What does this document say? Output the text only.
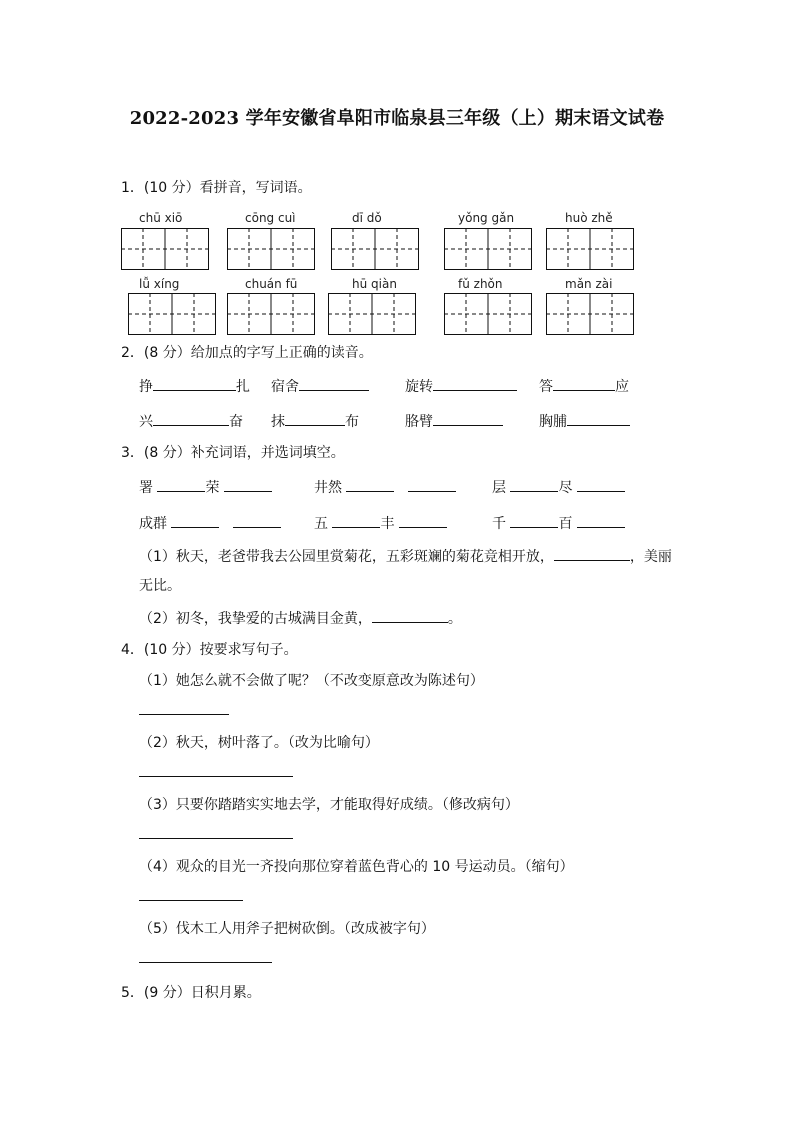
2022-2023 学年安徽省阜阳市临泉县三年级（上）期末语文试卷
1．(10 分）看拼音，写词语。
chū xiō	cōng cuì	dī dǒ	yǒng gǎn	huò zhě
lǚ xíng	chuán fū	hū qiàn	fǔ zhǒn	mǎn zài
2．(8 分）给加点的字写上正确的读音。
挣	扎 宿舍	旋转	答	应
兴	奋 抹	布	胳臂	胸脯
3．(8 分）补充词语，并选词填空。
署	荣	井然	层	尽
成群	五	丰	千	百
（1）秋天，老爸带我去公园里赏菊花，五彩斑斓的菊花竞相开放，	，美丽
无比。
（2）初冬，我挚爱的古城满目金黄，	。
4．(10 分）按要求写句子。
（1）她怎么就不会做了呢？（不改变原意改为陈述句）
（2）秋天，树叶落了。（改为比喻句）
（3）只要你踏踏实实地去学，才能取得好成绩。（修改病句）
（4）观众的目光一齐投向那位穿着蓝色背心的 10 号运动员。（缩句）
（5）伐木工人用斧子把树砍倒。（改成被字句）
5．(9 分）日积月累。
